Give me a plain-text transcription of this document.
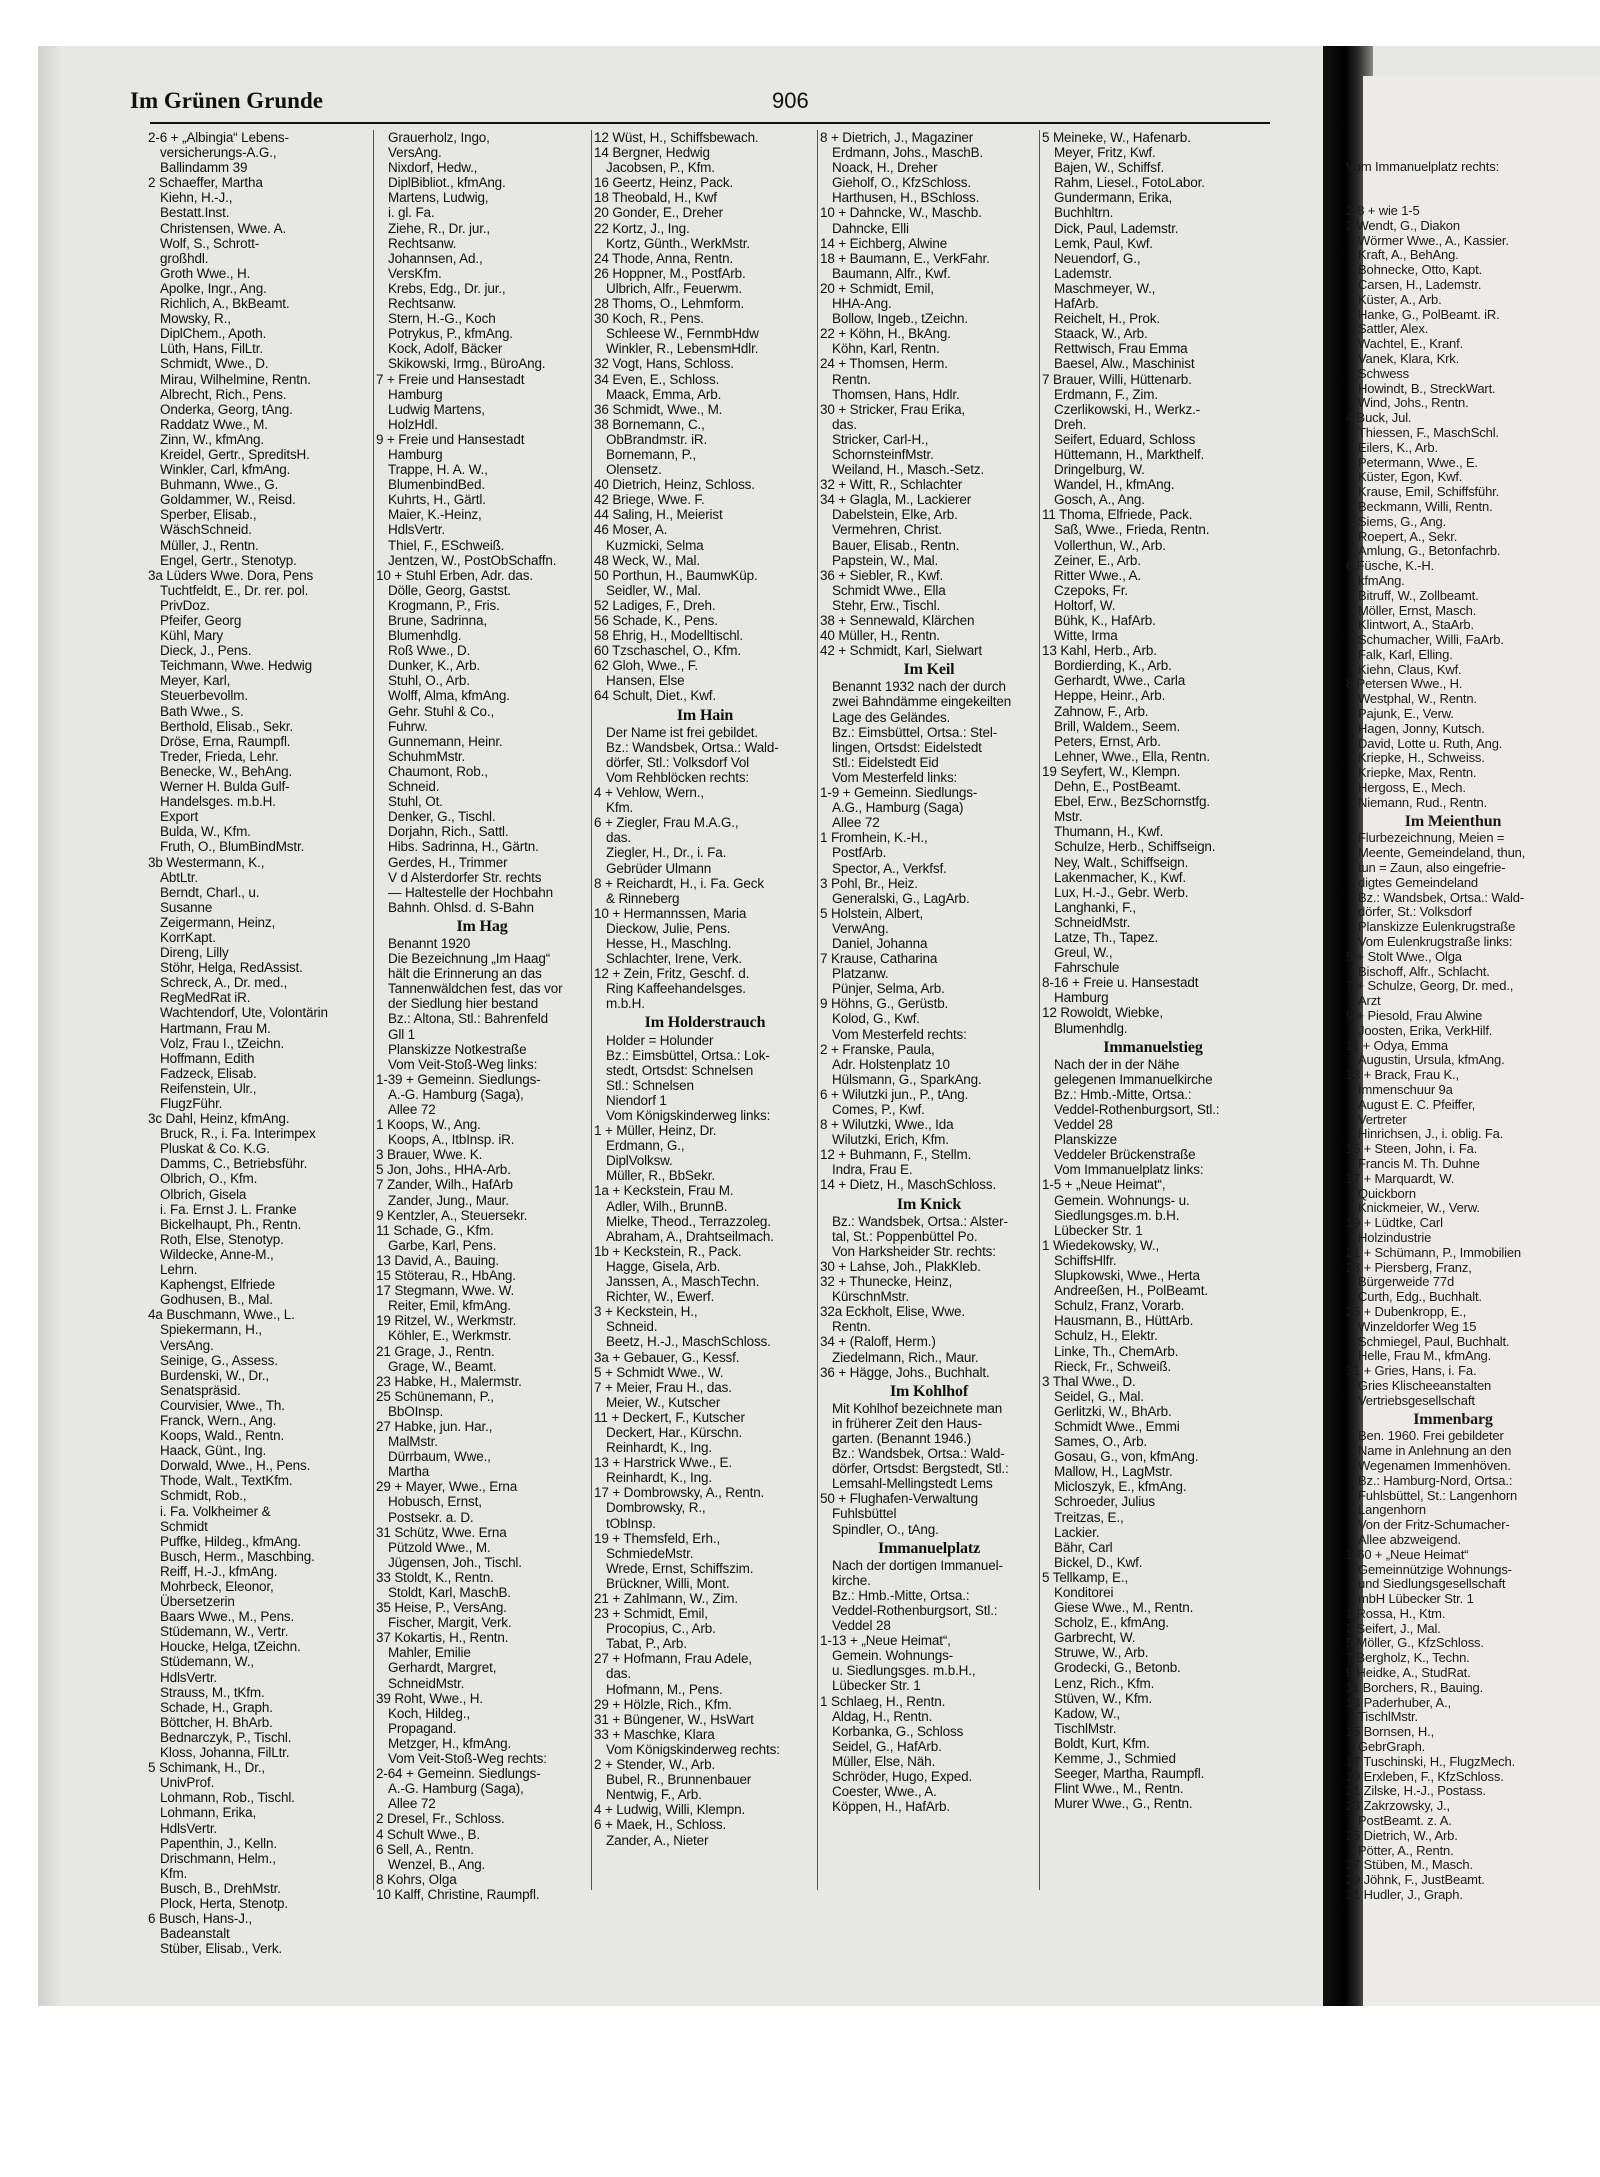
Im Grünen Grunde	906
2-6 + „Albingia“ Lebens-
versicherungs-A.G.,
Ballindamm 39
2 Schaeffer, Martha
Kiehn, H.-J.,
Bestatt.Inst.
Christensen, Wwe. A.
Wolf, S., Schrott-
großhdl.
Groth Wwe., H.
Apolke, Ingr., Ang.
Richlich, A., BkBeamt.
Mowsky, R.,
DiplChem., Apoth.
Lüth, Hans, FilLtr.
Schmidt, Wwe., D.
Mirau, Wilhelmine, Rentn.
Albrecht, Rich., Pens.
Onderka, Georg, tAng.
Raddatz Wwe., M.
Zinn, W., kfmAng.
Kreidel, Gertr., SpreditsH.
Winkler, Carl, kfmAng.
Buhmann, Wwe., G.
Goldammer, W., Reisd.
Sperber, Elisab.,
WäschSchneid.
Müller, J., Rentn.
Engel, Gertr., Stenotyp.
3a Lüders Wwe. Dora, Pens
Tuchtfeldt, E., Dr. rer. pol.
PrivDoz.
Pfeifer, Georg
Kühl, Mary
Dieck, J., Pens.
Teichmann, Wwe. Hedwig
Meyer, Karl,
Steuerbevollm.
Bath Wwe., S.
Berthold, Elisab., Sekr.
Dröse, Erna, Raumpfl.
Treder, Frieda, Lehr.
Benecke, W., BehAng.
Werner H. Bulda Gulf-
Handelsges. m.b.H.
Export
Bulda, W., Kfm.
Fruth, O., BlumBindMstr.
3b Westermann, K.,
AbtLtr.
Berndt, Charl., u.
Susanne
Zeigermann, Heinz,
KorrKapt.
Direng, Lilly
Stöhr, Helga, RedAssist.
Schreck, A., Dr. med.,
RegMedRat iR.
Wachtendorf, Ute, Volontärin
Hartmann, Frau M.
Volz, Frau I., tZeichn.
Hoffmann, Edith
Fadzeck, Elisab.
Reifenstein, Ulr.,
FlugzFühr.
3c Dahl, Heinz, kfmAng.
Bruck, R., i. Fa. Interimpex
Pluskat & Co. K.G.
Damms, C., Betriebsführ.
Olbrich, O., Kfm.
Olbrich, Gisela
i. Fa. Ernst J. L. Franke
Bickelhaupt, Ph., Rentn.
Roth, Else, Stenotyp.
Wildecke, Anne-M.,
Lehrn.
Kaphengst, Elfriede
Godhusen, B., Mal.
4a Buschmann, Wwe., L.
Spiekermann, H.,
VersAng.
Seinige, G., Assess.
Burdenski, W., Dr.,
Senatspräsid.
Courvisier, Wwe., Th.
Franck, Wern., Ang.
Koops, Wald., Rentn.
Haack, Günt., Ing.
Dorwald, Wwe., H., Pens.
Thode, Walt., TextKfm.
Schmidt, Rob.,
i. Fa. Volkheimer &
Schmidt
Puffke, Hildeg., kfmAng.
Busch, Herm., Maschbing.
Reiff, H.-J., kfmAng.
Mohrbeck, Eleonor,
Übersetzerin
Baars Wwe., M., Pens.
Stüdemann, W., Vertr.
Houcke, Helga, tZeichn.
Stüdemann, W.,
HdlsVertr.
Strauss, M., tKfm.
Schade, H., Graph.
Böttcher, H. BhArb.
Bednarczyk, P., Tischl.
Kloss, Johanna, FilLtr.
5 Schimank, H., Dr.,
UnivProf.
Lohmann, Rob., Tischl.
Lohmann, Erika,
HdlsVertr.
Papenthin, J., Kelln.
Drischmann, Helm.,
Kfm.
Busch, B., DrehMstr.
Plock, Herta, Stenotp.
6 Busch, Hans-J.,
Badeanstalt
Stüber, Elisab., Verk.
Grauerholz, Ingo,
VersAng.
Nixdorf, Hedw.,
DiplBibliot., kfmAng.
Martens, Ludwig,
i. gl. Fa.
Ziehe, R., Dr. jur.,
Rechtsanw.
Johannsen, Ad.,
VersKfm.
Krebs, Edg., Dr. jur.,
Rechtsanw.
Stern, H.-G., Koch
Potrykus, P., kfmAng.
Kock, Adolf, Bäcker
Skikowski, Irmg., BüroAng.
7 + Freie und Hansestadt
Hamburg
Ludwig Martens,
HolzHdl.
9 + Freie und Hansestadt
Hamburg
Trappe, H. A. W.,
BlumenbindBed.
Kuhrts, H., Gärtl.
Maier, K.-Heinz,
HdlsVertr.
Thiel, F., ESchweiß.
Jentzen, W., PostObSchaffn.
10 + Stuhl Erben, Adr. das.
Dölle, Georg, Gastst.
Krogmann, P., Fris.
Brune, Sadrinna,
Blumenhdlg.
Roß Wwe., D.
Dunker, K., Arb.
Stuhl, O., Arb.
Wolff, Alma, kfmAng.
Gehr. Stuhl & Co.,
Fuhrw.
Gunnemann, Heinr.
SchuhmMstr.
Chaumont, Rob.,
Schneid.
Stuhl, Ot.
Denker, G., Tischl.
Dorjahn, Rich., Sattl.
Hibs. Sadrinna, H., Gärtn.
Gerdes, H., Trimmer
V d Alsterdorfer Str. rechts
— Haltestelle der Hochbahn
Bahnh. Ohlsd. d. S-Bahn
Im Hag
Benannt 1920
Die Bezeichnung „Im Haag“
hält die Erinnerung an das
Tannenwäldchen fest, das vor
der Siedlung hier bestand
Bz.: Altona, Stl.: Bahrenfeld
Gll 1
Planskizze Notkestraße
Vom Veit-Stoß-Weg links:
1-39 + Gemeinn. Siedlungs-
A.-G. Hamburg (Saga),
Allee 72
1 Koops, W., Ang.
Koops, A., ItbInsp. iR.
3 Brauer, Wwe. K.
5 Jon, Johs., HHA-Arb.
7 Zander, Wilh., HafArb
Zander, Jung., Maur.
9 Kentzler, A., Steuersekr.
11 Schade, G., Kfm.
Garbe, Karl, Pens.
13 David, A., Bauing.
15 Stöterau, R., HbAng.
17 Stegmann, Wwe. W.
Reiter, Emil, kfmAng.
19 Ritzel, W., Werkmstr.
Köhler, E., Werkmstr.
21 Grage, J., Rentn.
Grage, W., Beamt.
23 Habke, H., Malermstr.
25 Schünemann, P.,
BbOInsp.
27 Habke, jun. Har.,
MalMstr.
Dürrbaum, Wwe.,
Martha
29 + Mayer, Wwe., Erna
Hobusch, Ernst,
Postsekr. a. D.
31 Schütz, Wwe. Erna
Pützold Wwe., M.
Jügensen, Joh., Tischl.
33 Stoldt, K., Rentn.
Stoldt, Karl, MaschB.
35 Heise, P., VersAng.
Fischer, Margit, Verk.
37 Kokartis, H., Rentn.
Mahler, Emilie
Gerhardt, Margret,
SchneidMstr.
39 Roht, Wwe., H.
Koch, Hildeg.,
Propagand.
Metzger, H., kfmAng.
Vom Veit-Stoß-Weg rechts:
2-64 + Gemeinn. Siedlungs-
A.-G. Hamburg (Saga),
Allee 72
2 Dresel, Fr., Schloss.
4 Schult Wwe., B.
6 Sell, A., Rentn.
Wenzel, B., Ang.
8 Kohrs, Olga
10 Kalff, Christine, Raumpfl.
12 Wüst, H., Schiffsbewach.
14 Bergner, Hedwig
Jacobsen, P., Kfm.
16 Geertz, Heinz, Pack.
18 Theobald, H., Kwf
20 Gonder, E., Dreher
22 Kortz, J., Ing.
Kortz, Günth., WerkMstr.
24 Thode, Anna, Rentn.
26 Hoppner, M., PostfArb.
Ulbrich, Alfr., Feuerwm.
28 Thoms, O., Lehmform.
30 Koch, R., Pens.
Schleese W., FernmbHdw
Winkler, R., LebensmHdlr.
32 Vogt, Hans, Schloss.
34 Even, E., Schloss.
Maack, Emma, Arb.
36 Schmidt, Wwe., M.
38 Bornemann, C.,
ObBrandmstr. iR.
Bornemann, P.,
Olensetz.
40 Dietrich, Heinz, Schloss.
42 Briege, Wwe. F.
44 Saling, H., Meierist
46 Moser, A.
Kuzmicki, Selma
48 Weck, W., Mal.
50 Porthun, H., BaumwKüp.
Seidler, W., Mal.
52 Ladiges, F., Dreh.
56 Schade, K., Pens.
58 Ehrig, H., Modelltischl.
60 Tzschaschel, O., Kfm.
62 Gloh, Wwe., F.
Hansen, Else
64 Schult, Diet., Kwf.
Im Hain
Der Name ist frei gebildet.
Bz.: Wandsbek, Ortsa.: Wald-
dörfer, Stl.: Volksdorf Vol
Vom Rehblöcken rechts:
4 + Vehlow, Wern.,
Kfm.
6 + Ziegler, Frau M.A.G.,
das.
Ziegler, H., Dr., i. Fa.
Gebrüder Ulmann
8 + Reichardt, H., i. Fa. Geck
& Rinneberg
10 + Hermannssen, Maria
Dieckow, Julie, Pens.
Hesse, H., Maschlng.
Schlachter, Irene, Verk.
12 + Zein, Fritz, Geschf. d.
Ring Kaffeehandelsges.
m.b.H.
Im Holderstrauch
Holder = Holunder
Bz.: Eimsbüttel, Ortsa.: Lok-
stedt, Ortsdst: Schnelsen
Stl.: Schnelsen
Niendorf 1
Vom Königskinderweg links:
1 + Müller, Heinz, Dr.
Erdmann, G.,
DiplVolksw.
Müller, R., BbSekr.
1a + Keckstein, Frau M.
Adler, Wilh., BrunnB.
Mielke, Theod., Terrazzoleg.
Abraham, A., Drahtseilmach.
1b + Keckstein, R., Pack.
Hagge, Gisela, Arb.
Janssen, A., MaschTechn.
Richter, W., Ewerf.
3 + Keckstein, H.,
Schneid.
Beetz, H.-J., MaschSchloss.
3a + Gebauer, G., Kessf.
5 + Schmidt Wwe., W.
7 + Meier, Frau H., das.
Meier, W., Kutscher
11 + Deckert, F., Kutscher
Deckert, Har., Kürschn.
Reinhardt, K., Ing.
13 + Harstrick Wwe., E.
Reinhardt, K., Ing.
17 + Dombrowsky, A., Rentn.
Dombrowsky, R.,
tObInsp.
19 + Themsfeld, Erh.,
SchmiedeMstr.
Wrede, Ernst, Schiffszim.
Brückner, Willi, Mont.
21 + Zahlmann, W., Zim.
23 + Schmidt, Emil,
Procopius, C., Arb.
Tabat, P., Arb.
27 + Hofmann, Frau Adele,
das.
Hofmann, M., Pens.
29 + Hölzle, Rich., Kfm.
31 + Büngener, W., HsWart
33 + Maschke, Klara
Vom Königskinderweg rechts:
2 + Stender, W., Arb.
Bubel, R., Brunnenbauer
Nentwig, F., Arb.
4 + Ludwig, Willi, Klempn.
6 + Maek, H., Schloss.
Zander, A., Nieter
8 + Dietrich, J., Magaziner
Erdmann, Johs., MaschB.
Noack, H., Dreher
Gieholf, O., KfzSchloss.
Harthusen, H., BSchloss.
10 + Dahncke, W., Maschb.
Dahncke, Elli
14 + Eichberg, Alwine
18 + Baumann, E., VerkFahr.
Baumann, Alfr., Kwf.
20 + Schmidt, Emil,
HHA-Ang.
Bollow, Ingeb., tZeichn.
22 + Köhn, H., BkAng.
Köhn, Karl, Rentn.
24 + Thomsen, Herm.
Rentn.
Thomsen, Hans, Hdlr.
30 + Stricker, Frau Erika,
das.
Stricker, Carl-H.,
SchornsteinfMstr.
Weiland, H., Masch.-Setz.
32 + Witt, R., Schlachter
34 + Glagla, M., Lackierer
Dabelstein, Elke, Arb.
Vermehren, Christ.
Bauer, Elisab., Rentn.
Papstein, W., Mal.
36 + Siebler, R., Kwf.
Schmidt Wwe., Ella
Stehr, Erw., Tischl.
38 + Sennewald, Klärchen
40 Müller, H., Rentn.
42 + Schmidt, Karl, Sielwart
Im Keil
Benannt 1932 nach der durch
zwei Bahndämme eingekeilten
Lage des Geländes.
Bz.: Eimsbüttel, Ortsa.: Stel-
lingen, Ortsdst: Eidelstedt
Stl.: Eidelstedt Eid
Vom Mesterfeld links:
1-9 + Gemeinn. Siedlungs-
A.G., Hamburg (Saga)
Allee 72
1 Fromhein, K.-H.,
PostfArb.
Spector, A., Verkfsf.
3 Pohl, Br., Heiz.
Generalski, G., LagArb.
5 Holstein, Albert,
VerwAng.
Daniel, Johanna
7 Krause, Catharina
Platzanw.
Pünjer, Selma, Arb.
9 Höhns, G., Gerüstb.
Kolod, G., Kwf.
Vom Mesterfeld rechts:
2 + Franske, Paula,
Adr. Holstenplatz 10
Hülsmann, G., SparkAng.
6 + Wilutzki jun., P., tAng.
Comes, P., Kwf.
8 + Wilutzki, Wwe., Ida
Wilutzki, Erich, Kfm.
12 + Buhmann, F., Stellm.
Indra, Frau E.
14 + Dietz, H., MaschSchloss.
Im Knick
Bz.: Wandsbek, Ortsa.: Alster-
tal, St.: Poppenbüttel Po.
Von Harksheider Str. rechts:
30 + Lahse, Joh., PlakKleb.
32 + Thunecke, Heinz,
KürschnMstr.
32a Eckholt, Elise, Wwe.
Rentn.
34 + (Raloff, Herm.)
Ziedelmann, Rich., Maur.
36 + Hägge, Johs., Buchhalt.
Im Kohlhof
Mit Kohlhof bezeichnete man
in früherer Zeit den Haus-
garten. (Benannt 1946.)
Bz.: Wandsbek, Ortsa.: Wald-
dörfer, Ortsdst: Bergstedt, Stl.:
Lemsahl-Mellingstedt Lems
50 + Flughafen-Verwaltung
Fuhlsbüttel
Spindler, O., tAng.
Immanuelplatz
Nach der dortigen Immanuel-
kirche.
Bz.: Hmb.-Mitte, Ortsa.:
Veddel-Rothenburgsort, Stl.:
Veddel 28
1-13 + „Neue Heimat“,
Gemein. Wohnungs-
u. Siedlungsges. m.b.H.,
Lübecker Str. 1
1 Schlaeg, H., Rentn.
Aldag, H., Rentn.
Korbanka, G., Schloss
Seidel, G., HafArb.
Müller, Else, Näh.
Schröder, Hugo, Exped.
Coester, Wwe., A.
Köppen, H., HafArb.
5 Meineke, W., Hafenarb.
Meyer, Fritz, Kwf.
Bajen, W., Schiffsf.
Rahm, Liesel., FotoLabor.
Gundermann, Erika,
Buchhltrn.
Dick, Paul, Lademstr.
Lemk, Paul, Kwf.
Neuendorf, G.,
Lademstr.
Maschmeyer, W.,
HafArb.
Reichelt, H., Prok.
Staack, W., Arb.
Rettwisch, Frau Emma
Baesel, Alw., Maschinist
7 Brauer, Willi, Hüttenarb.
Erdmann, F., Zim.
Czerlikowski, H., Werkz.-
Dreh.
Seifert, Eduard, Schloss
Hüttemann, H., Markthelf.
Dringelburg, W.
Wandel, H., kfmAng.
Gosch, A., Ang.
11 Thoma, Elfriede, Pack.
Saß, Wwe., Frieda, Rentn.
Vollerthun, W., Arb.
Zeiner, E., Arb.
Ritter Wwe., A.
Czepoks, Fr.
Holtorf, W.
Bühk, K., HafArb.
Witte, Irma
13 Kahl, Herb., Arb.
Bordierding, K., Arb.
Gerhardt, Wwe., Carla
Heppe, Heinr., Arb.
Zahnow, F., Arb.
Brill, Waldem., Seem.
Peters, Ernst, Arb.
Lehner, Wwe., Ella, Rentn.
19 Seyfert, W., Klempn.
Dehn, E., PostBeamt.
Ebel, Erw., BezSchornstfg.
Mstr.
Thumann, H., Kwf.
Schulze, Herb., Schiffseign.
Ney, Walt., Schiffseign.
Lakenmacher, K., Kwf.
Lux, H.-J., Gebr. Werb.
Langhanki, F.,
SchneidMstr.
Latze, Th., Tapez.
Greul, W.,
Fahrschule
8-16 + Freie u. Hansestadt
Hamburg
12 Rowoldt, Wiebke,
Blumenhdlg.
Immanuelstieg
Nach der in der Nähe
gelegenen Immanuelkirche
Bz.: Hmb.-Mitte, Ortsa.:
Veddel-Rothenburgsort, Stl.:
Veddel 28
Planskizze
Veddeler Brückenstraße
Vom Immanuelplatz links:
1-5 + „Neue Heimat“,
Gemein. Wohnungs- u.
Siedlungsges.m. b.H.
Lübecker Str. 1
1 Wiedekowsky, W.,
SchiffsHlfr.
Slupkowski, Wwe., Herta
Andreeßen, H., PolBeamt.
Schulz, Franz, Vorarb.
Hausmann, B., HüttArb.
Schulz, H., Elektr.
Linke, Th., ChemArb.
Rieck, Fr., Schweiß.
3 Thal Wwe., D.
Seidel, G., Mal.
Gerlitzki, W., BhArb.
Schmidt Wwe., Emmi
Sames, O., Arb.
Gosau, G., von, kfmAng.
Mallow, H., LagMstr.
Micloszyk, E., kfmAng.
Schroeder, Julius
Treitzas, E.,
Lackier.
Bähr, Carl
Bickel, D., Kwf.
5 Tellkamp, E.,
Konditorei
Giese Wwe., M., Rentn.
Scholz, E., kfmAng.
Garbrecht, W.
Struwe, W., Arb.
Grodecki, G., Betonb.
Lenz, Rich., Kfm.
Stüven, W., Kfm.
Kadow, W.,
TischlMstr.
Boldt, Kurt, Kfm.
Kemme, J., Schmied
Seeger, Martha, Raumpfl.
Flint Wwe., M., Rentn.
Murer Wwe., G., Rentn.

Vom Immanuelplatz rechts:

2-8 + wie 1-5
2 Wendt, G., Diakon
Wörmer Wwe., A., Kassier.
Kraft, A., BehAng.
Bohnecke, Otto, Kapt.
Carsen, H., Lademstr.
Küster, A., Arb.
Hanke, G., PolBeamt. iR.
Sattler, Alex.
Wachtel, E., Kranf.
Vanek, Klara, Krk.
Schwess
Howindt, B., StreckWart.
Wind, Johs., Rentn.
4 Buck, Jul.
Thiessen, F., MaschSchl.
Eilers, K., Arb.
Petermann, Wwe., E.
Küster, Egon, Kwf.
Krause, Emil, Schiffsführ.
Beckmann, Willi, Rentn.
Siems, G., Ang.
Roepert, A., Sekr.
Amlung, G., Betonfachrb.
6 Füsche, K.-H.
kfmAng.
Bitruff, W., Zollbeamt.
Möller, Ernst, Masch.
Klintwort, A., StaArb.
Schumacher, Willi, FaArb.
Falk, Karl, Elling.
Kiehn, Claus, Kwf.
8 Petersen Wwe., H.
Westphal, W., Rentn.
Pajunk, E., Verw.
Hagen, Jonny, Kutsch.
David, Lotte u. Ruth, Ang.
Kriepke, H., Schweiss.
Kriepke, Max, Rentn.
Hergoss, E., Mech.
Niemann, Rud., Rentn.
Im Meienthun
Flurbezeichnung, Meien =
Meente, Gemeindeland, thun,
tun = Zaun, also eingefrie-
digtes Gemeindeland
Bz.: Wandsbek, Ortsa.: Wald-
dörfer, St.: Volksdorf
Planskizze Eulenkrugstraße
Vom Eulenkrugstraße links:
5 + Stolt Wwe., Olga
Bischoff, Alfr., Schlacht.
7 + Schulze, Georg, Dr. med.,
Arzt
9 + Piesold, Frau Alwine
Joosten, Erika, VerkHilf.
11 + Odya, Emma
Augustin, Ursula, kfmAng.
13 + Brack, Frau K.,
Immenschuur 9a
August E. C. Pfeiffer,
Vertreter
Hinrichsen, J., i. oblig. Fa.
15 + Steen, John, i. Fa.
Francis M. Th. Duhne
17 + Marquardt, W.
Quickborn
Knickmeier, W., Verw.
19 + Lüdtke, Carl
Holzindustrie
21 + Schümann, P., Immobilien
23 + Piersberg, Franz,
Bürgerweide 77d
Curth, Edg., Buchhalt.
25 + Dubenkropp, E.,
Winzeldorfer Weg 15
Schmiegel, Paul, Buchhalt.
Helle, Frau M., kfmAng.
31 + Gries, Hans, i. Fa.
Gries Klischeeanstalten
Vertriebsgesellschaft
Immenbarg
Ben. 1960. Frei gebildeter
Name in Anlehnung an den
Wegenamen Immenhöven.
Bz.: Hamburg-Nord, Ortsa.:
Fuhlsbüttel, St.: Langenhorn
Langenhorn
Von der Fritz-Schumacher-
Allee abzweigend.
1-60 + „Neue Heimat“
Gemeinnützige Wohnungs-
und Siedlungsgesellschaft
mbH Lübecker Str. 1
1 Rossa, H., Ktm.
3 Seifert, J., Mal.
5 Möller, G., KfzSchloss.
7 Bergholz, K., Techn.
9 Heidke, A., StudRat.
11 Borchers, R., Bauing.
13 Paderhuber, A.,
TischlMstr.
15 Bornsen, H.,
GebrGraph.
17 Tuschinski, H., FlugzMech.
19 Erxleben, F., KfzSchloss.
21 Zilske, H.-J., Postass.
23 Zakrzowsky, J.,
PostBeamt. z. A.
25 Dietrich, W., Arb.
Pötter, A., Rentn.
27 Stüben, M., Masch.
29 Jöhnk, F., JustBeamt.
31 Hudler, J., Graph.
